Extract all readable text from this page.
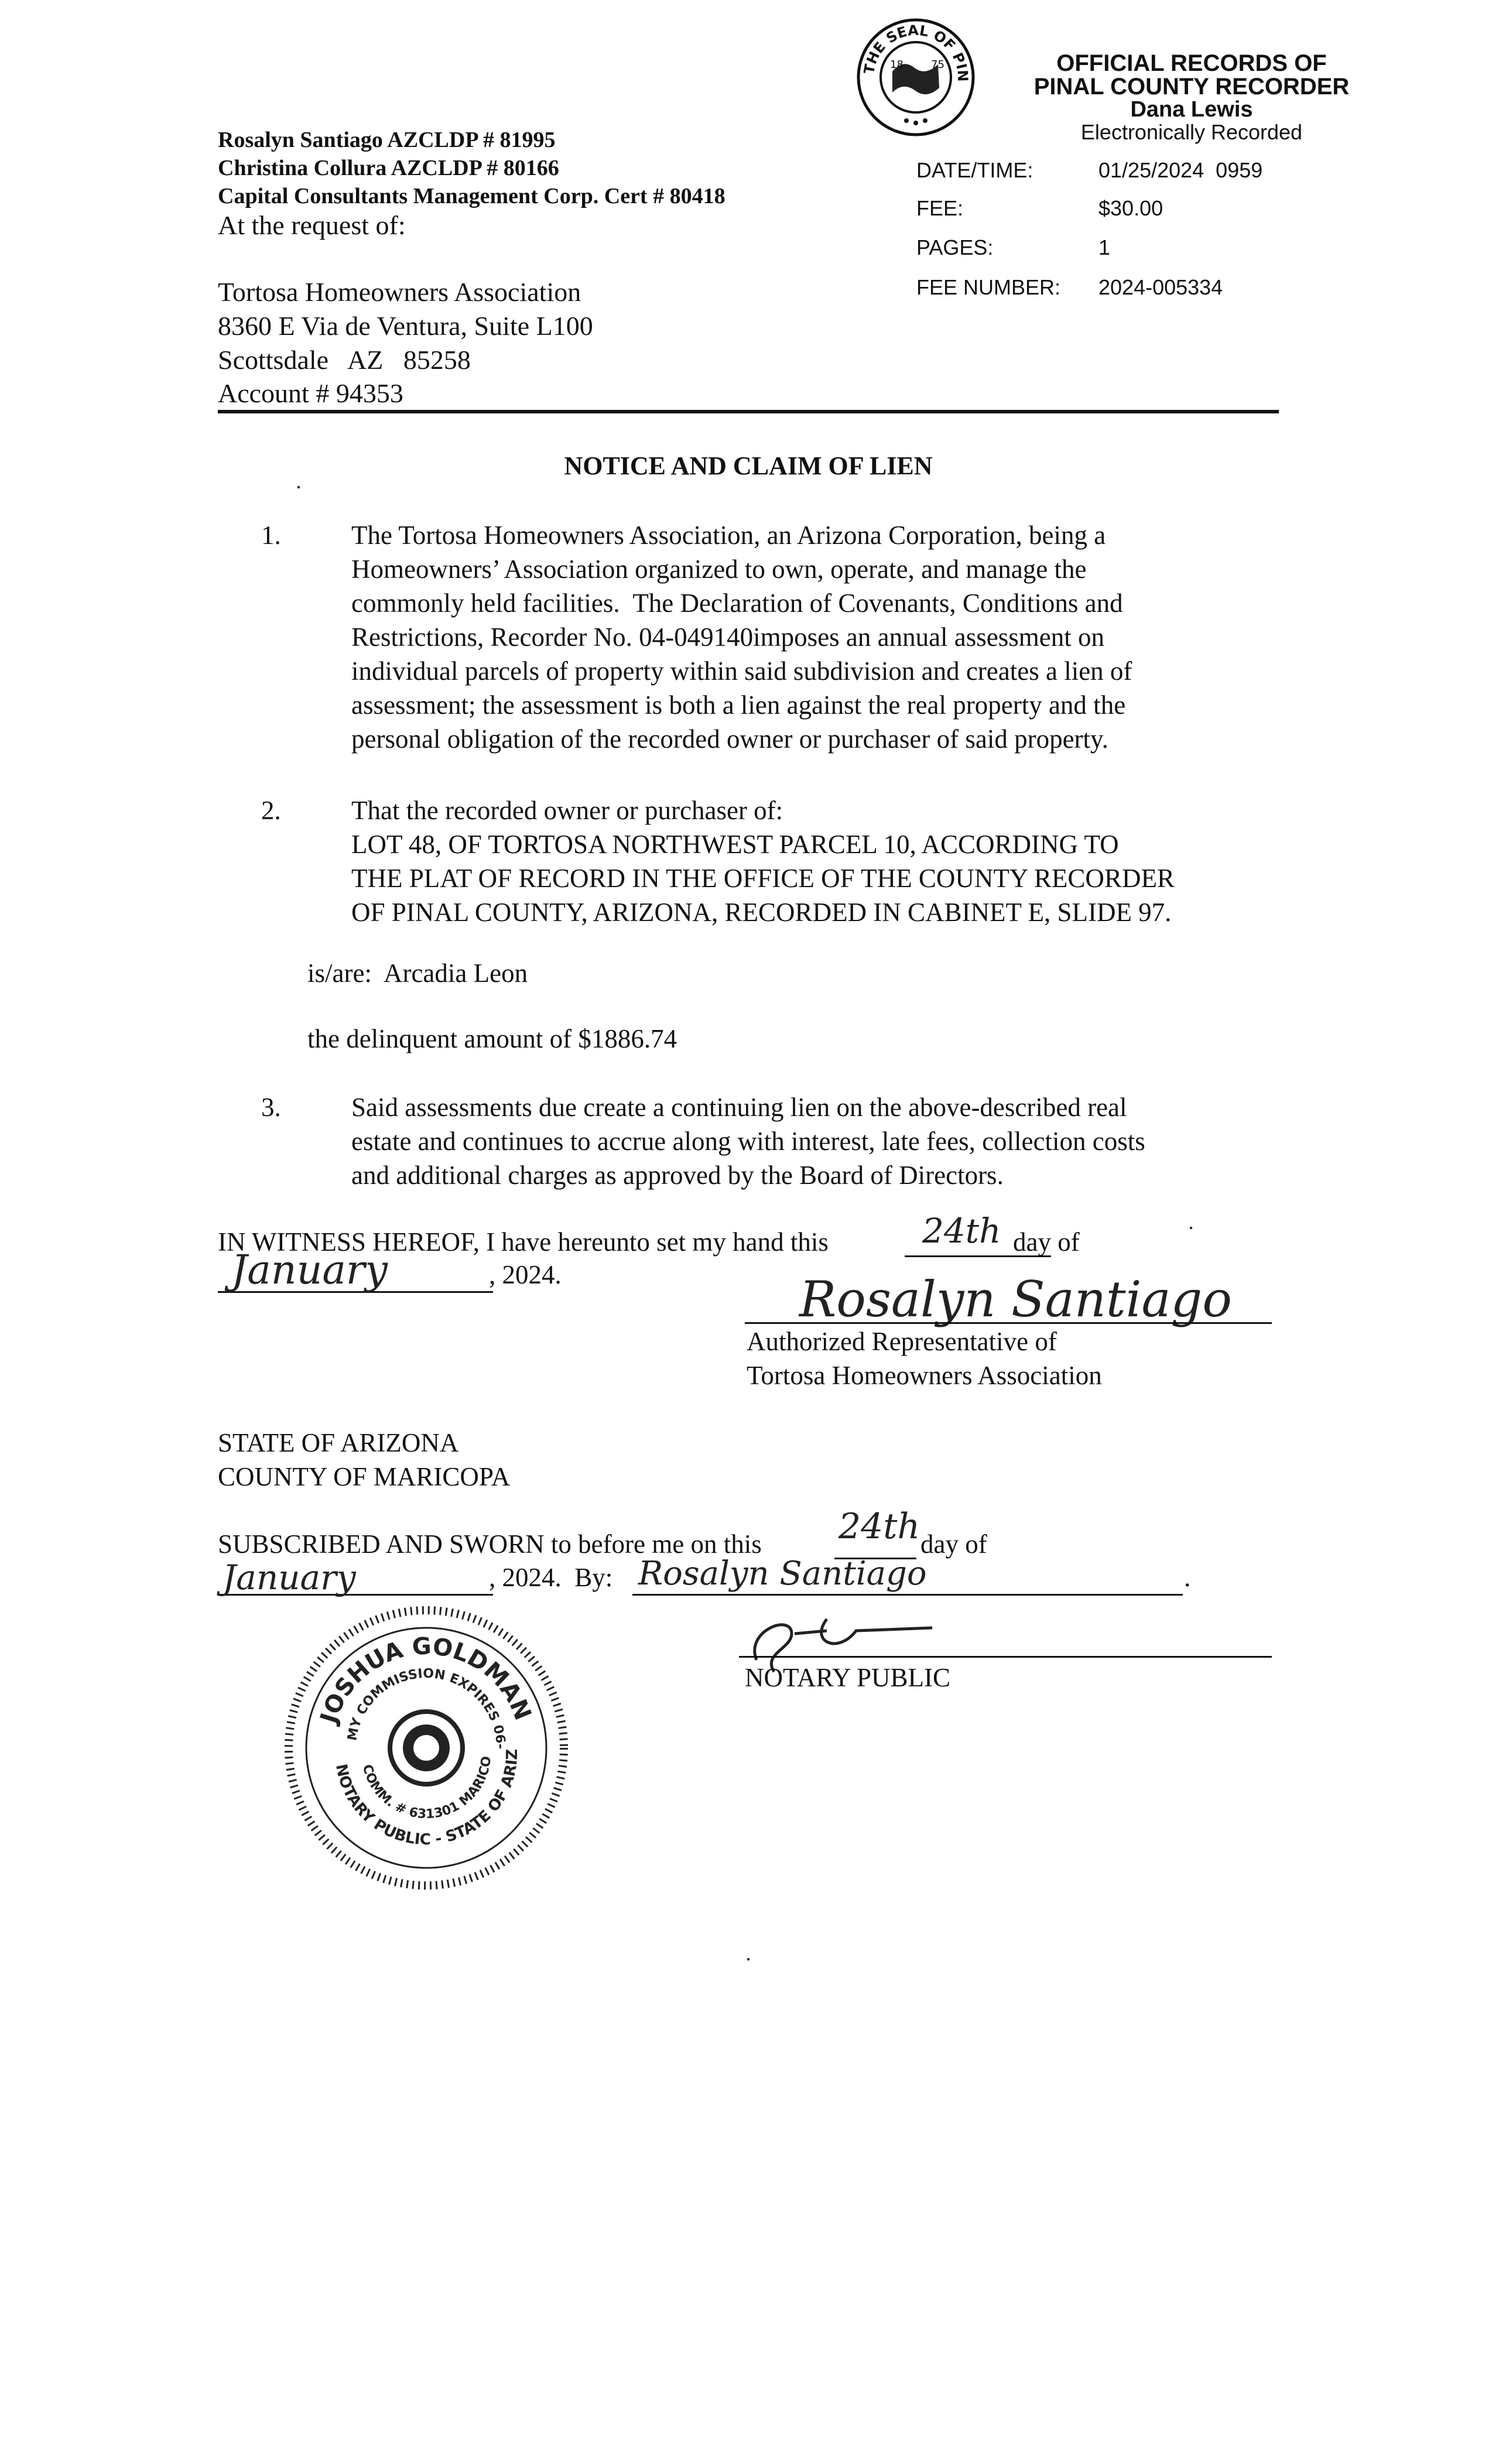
THE SEAL OF PIN
18	75	OFFICIAL RECORDS OF
PINAL COUNTY RECORDER
Dana Lewis
Electronically Recorded
DATE/TIME:	01/25/2024  0959
FEE:	$30.00
PAGES:	1
FEE NUMBER: 2024-005334
Rosalyn Santiago AZCLDP # 81995
Christina Collura AZCLDP # 80166
Capital Consultants Management Corp. Cert # 80418
At the request of:
Tortosa Homeowners Association
8360 E Via de Ventura, Suite L100
Scottsdale   AZ   85258
Account # 94353
NOTICE AND CLAIM OF LIEN
1.	The Tortosa Homeowners Association, an Arizona Corporation, being a
Homeowners’ Association organized to own, operate, and manage the
commonly held facilities.  The Declaration of Covenants, Conditions and
Restrictions, Recorder No. 04-049140imposes an annual assessment on
individual parcels of property within said subdivision and creates a lien of
assessment; the assessment is both a lien against the real property and the
personal obligation of the recorded owner or purchaser of said property.
2.	That the recorded owner or purchaser of:
LOT 48, OF TORTOSA NORTHWEST PARCEL 10, ACCORDING TO
THE PLAT OF RECORD IN THE OFFICE OF THE COUNTY RECORDER
OF PINAL COUNTY, ARIZONA, RECORDED IN CABINET E, SLIDE 97.
is/are:  Arcadia Leon
the delinquent amount of $1886.74
3.	Said assessments due create a continuing lien on the above-described real
estate and continues to accrue along with interest, late fees, collection costs
and additional charges as approved by the Board of Directors.
IN WITNESS HEREOF, I have hereunto set my hand this	24th day of
January	, 2024.	Rosalyn Santiago
Authorized Representative of
Tortosa Homeowners Association
STATE OF ARIZONA
COUNTY OF MARICOPA
SUBSCRIBED AND SWORN to before me on this 24th day of
January	, 2024.  By: Rosalyn Santiago	.
NOTARY PUBLIC
JOSHUA GOLDMAN
MY COMMISSION EXPIRES 06-
NOTARY PUBLIC - STATE OF ARIZ
COMM. # 631301 MARICO
